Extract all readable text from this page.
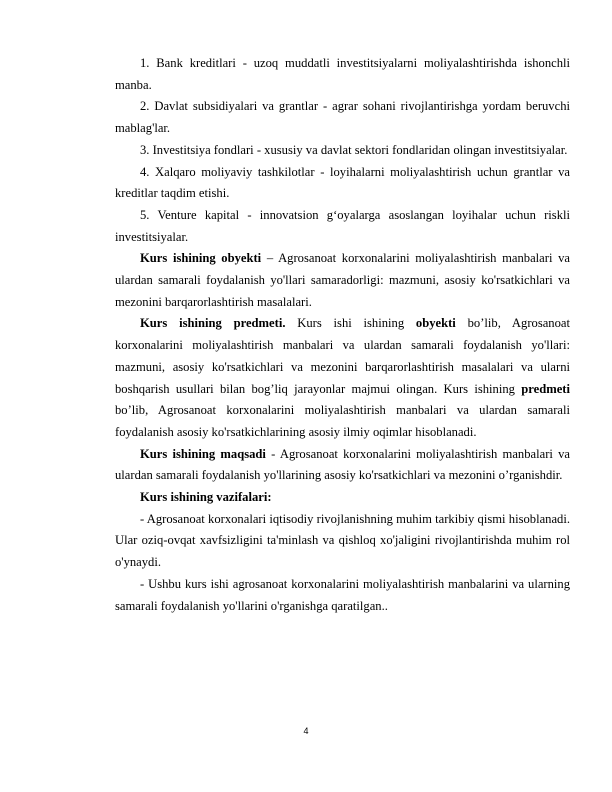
1. Bank kreditlari - uzoq muddatli investitsiyalarni moliyalashtirishda ishonchli manba.

2. Davlat subsidiyalari va grantlar - agrar sohani rivojlantirishga yordam beruvchi mablag'lar.

3. Investitsiya fondlari - xususiy va davlat sektori fondlaridan olingan investitsiyalar.

4. Xalqaro moliyaviy tashkilotlar - loyihalarni moliyalashtirish uchun grantlar va kreditlar taqdim etishi.

5. Venture kapital - innovatsion g‘oyalarga asoslangan loyihalar uchun riskli investitsiyalar.

Kurs ishining obyekti – Agrosanoat korxonalarini moliyalashtirish manbalari va ulardan samarali foydalanish yo'llari samaradorligi: mazmuni, asosiy ko'rsatkichlari va mezonini barqarorlashtirish masalalari.

Kurs ishining predmeti. Kurs ishi ishining obyekti bo’lib, Agrosanoat korxonalarini moliyalashtirish manbalari va ulardan samarali foydalanish yo'llari: mazmuni, asosiy ko'rsatkichlari va mezonini barqarorlashtirish masalalari va ularni boshqarish usullari bilan bog’liq jarayonlar majmui olingan. Kurs ishining predmeti bo’lib, Agrosanoat korxonalarini moliyalashtirish manbalari va ulardan samarali foydalanish asosiy ko'rsatkichlarining asosiy ilmiy oqimlar hisoblanadi.

Kurs ishining maqsadi - Agrosanoat korxonalarini moliyalashtirish manbalari va ulardan samarali foydalanish yo'llarining asosiy ko'rsatkichlari va mezonini o’rganishdir.

Kurs ishining vazifalari:

- Agrosanoat korxonalari iqtisodiy rivojlanishning muhim tarkibiy qismi hisoblanadi. Ular oziq-ovqat xavfsizligini ta'minlash va qishloq xo'jaligini rivojlantirishda muhim rol o'ynaydi.

- Ushbu kurs ishi agrosanoat korxonalarini moliyalashtirish manbalarini va ularning samarali foydalanish yo'llarini o'rganishga qaratilgan..

4
